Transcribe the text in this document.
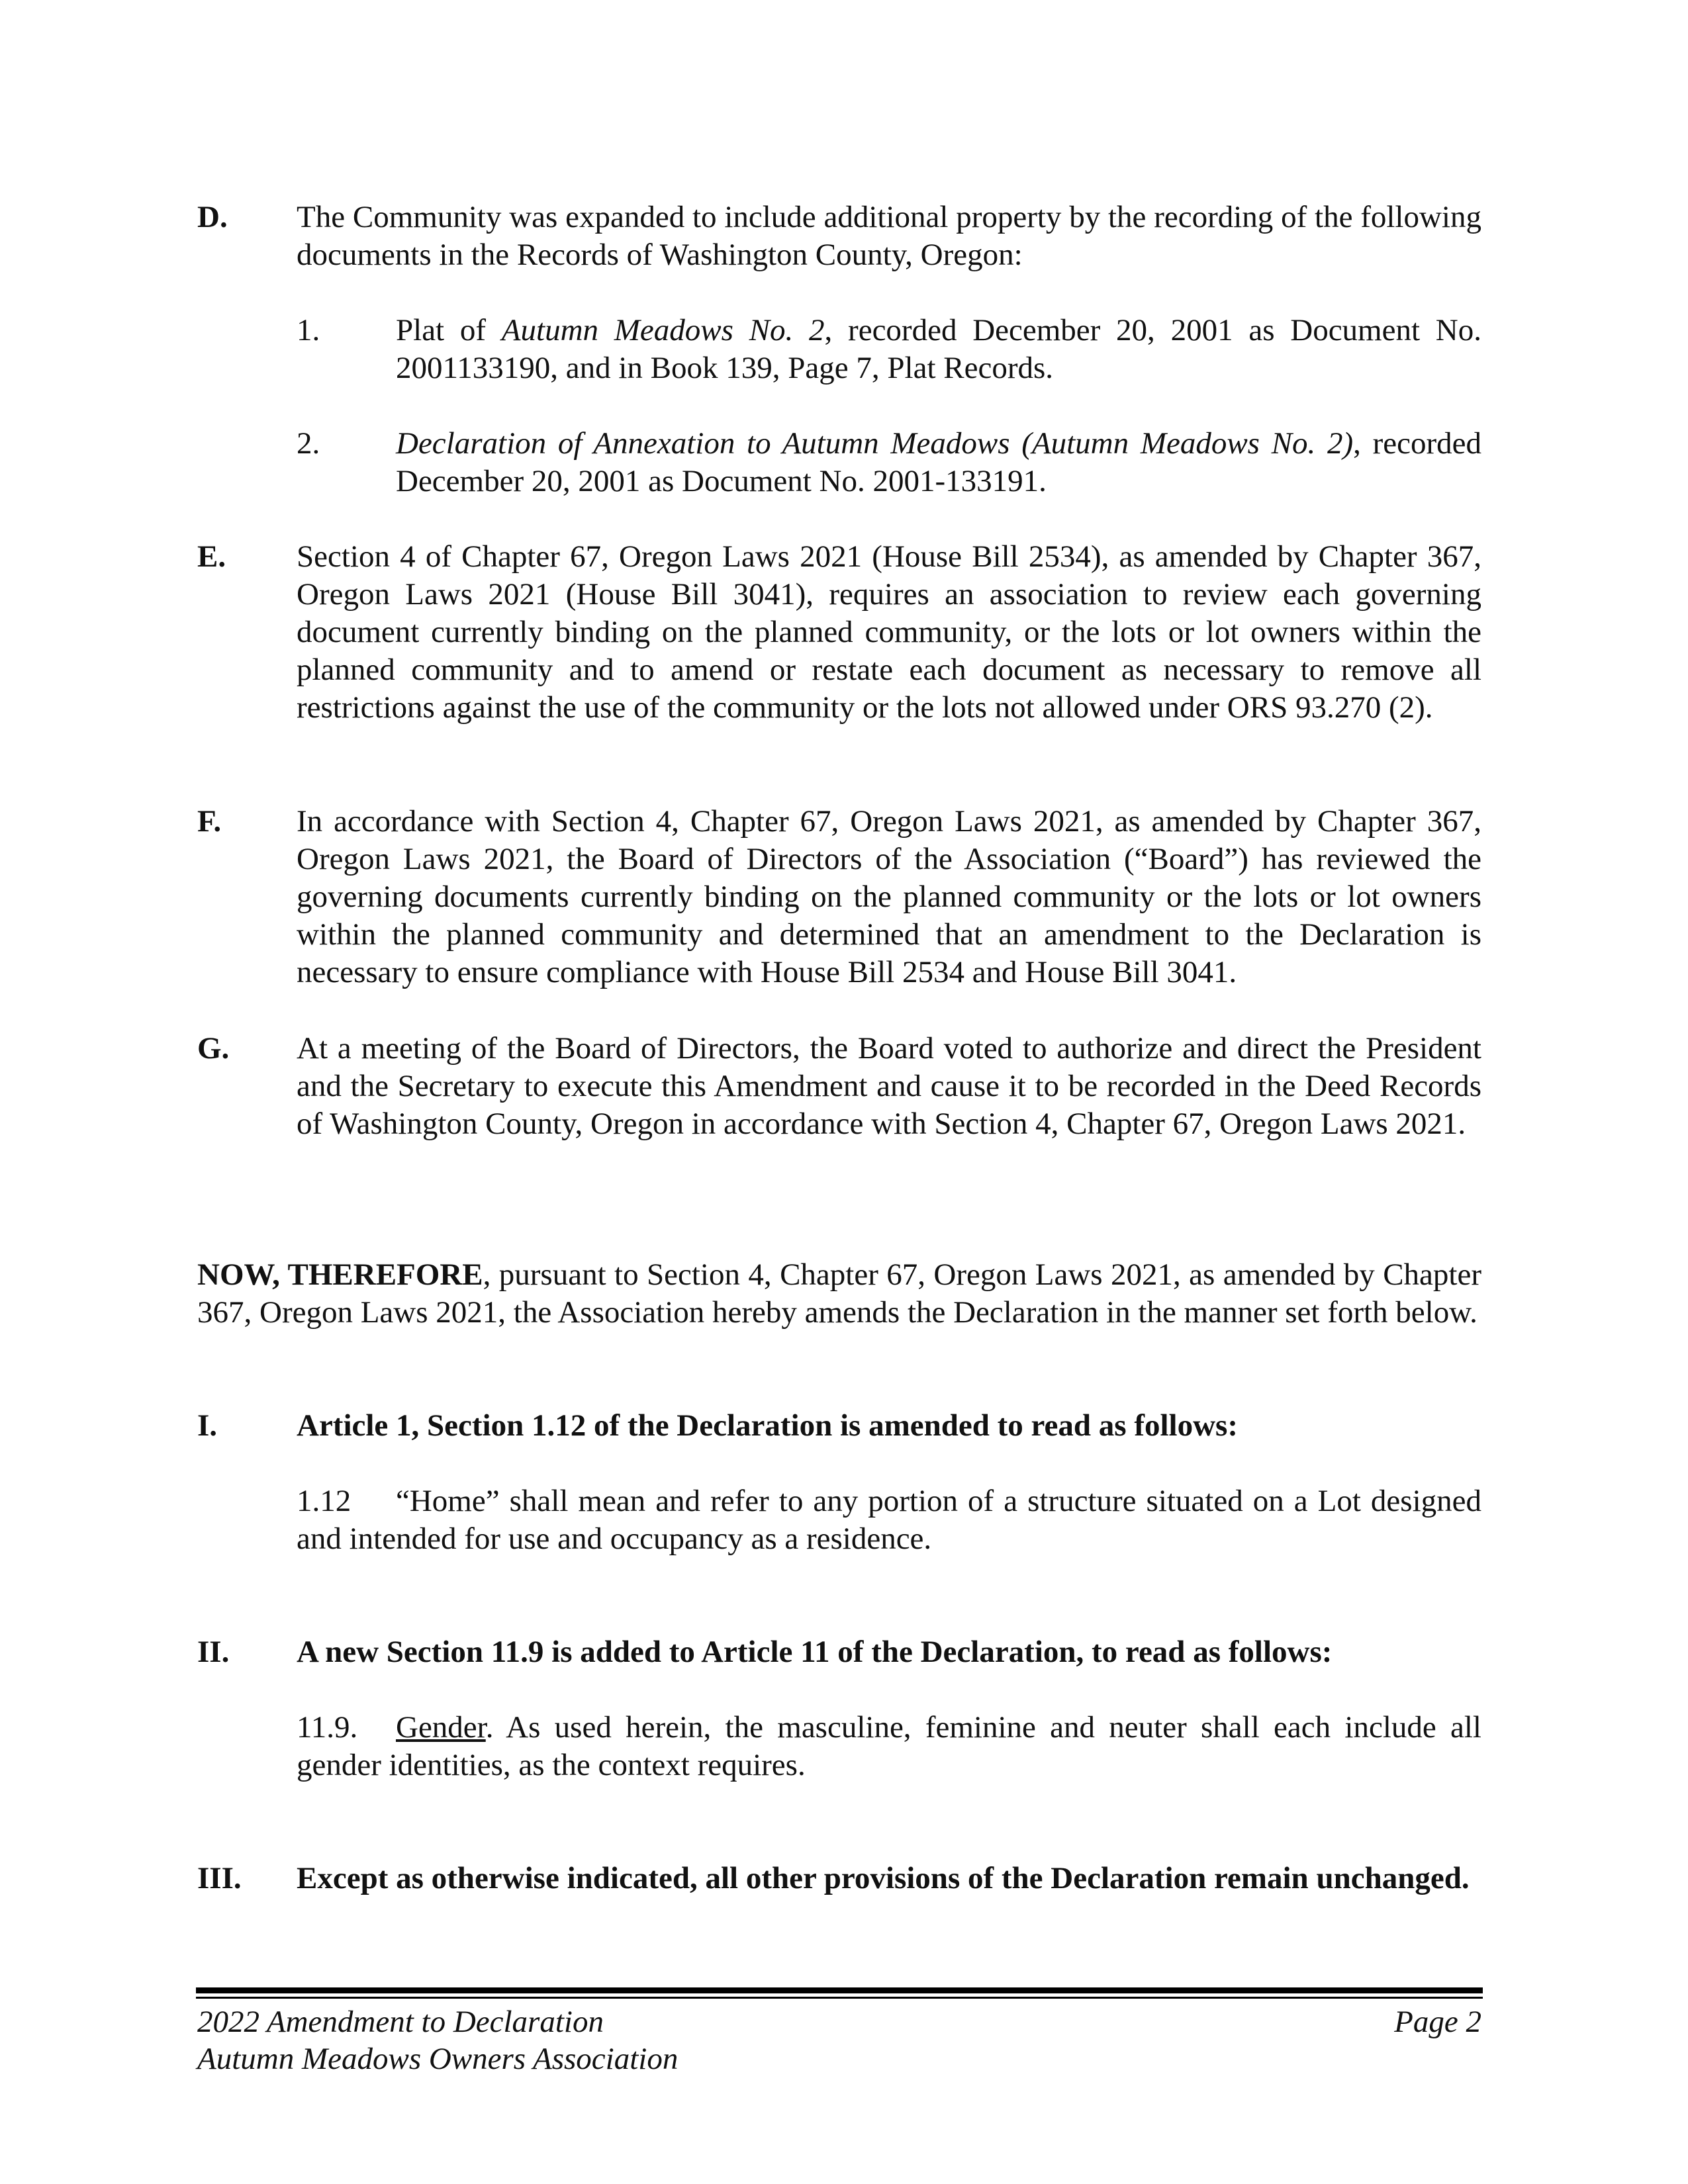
D. The Community was expanded to include additional property by the recording of the following documents in the Records of Washington County, Oregon:
1. Plat of Autumn Meadows No. 2, recorded December 20, 2001 as Document No. 2001133190, and in Book 139, Page 7, Plat Records.
2. Declaration of Annexation to Autumn Meadows (Autumn Meadows No. 2), recorded December 20, 2001 as Document No. 2001-133191.
E. Section 4 of Chapter 67, Oregon Laws 2021 (House Bill 2534), as amended by Chapter 367, Oregon Laws 2021 (House Bill 3041), requires an association to review each governing document currently binding on the planned community, or the lots or lot owners within the planned community and to amend or restate each document as necessary to remove all restrictions against the use of the community or the lots not allowed under ORS 93.270 (2).
F. In accordance with Section 4, Chapter 67, Oregon Laws 2021, as amended by Chapter 367, Oregon Laws 2021, the Board of Directors of the Association (“Board”) has reviewed the governing documents currently binding on the planned community or the lots or lot owners within the planned community and determined that an amendment to the Declaration is necessary to ensure compliance with House Bill 2534 and House Bill 3041.
G. At a meeting of the Board of Directors, the Board voted to authorize and direct the President and the Secretary to execute this Amendment and cause it to be recorded in the Deed Records of Washington County, Oregon in accordance with Section 4, Chapter 67, Oregon Laws 2021.
NOW, THEREFORE, pursuant to Section 4, Chapter 67, Oregon Laws 2021, as amended by Chapter 367, Oregon Laws 2021, the Association hereby amends the Declaration in the manner set forth below.
I.	Article 1, Section 1.12 of the Declaration is amended to read as follows:
1.12 “Home” shall mean and refer to any portion of a structure situated on a Lot designed and intended for use and occupancy as a residence.
II. A new Section 11.9 is added to Article 11 of the Declaration, to read as follows:
11.9. Gender. As used herein, the masculine, feminine and neuter shall each include all gender identities, as the context requires.
III. Except as otherwise indicated, all other provisions of the Declaration remain unchanged.
2022 Amendment to Declaration
Autumn Meadows Owners Association
Page 2
